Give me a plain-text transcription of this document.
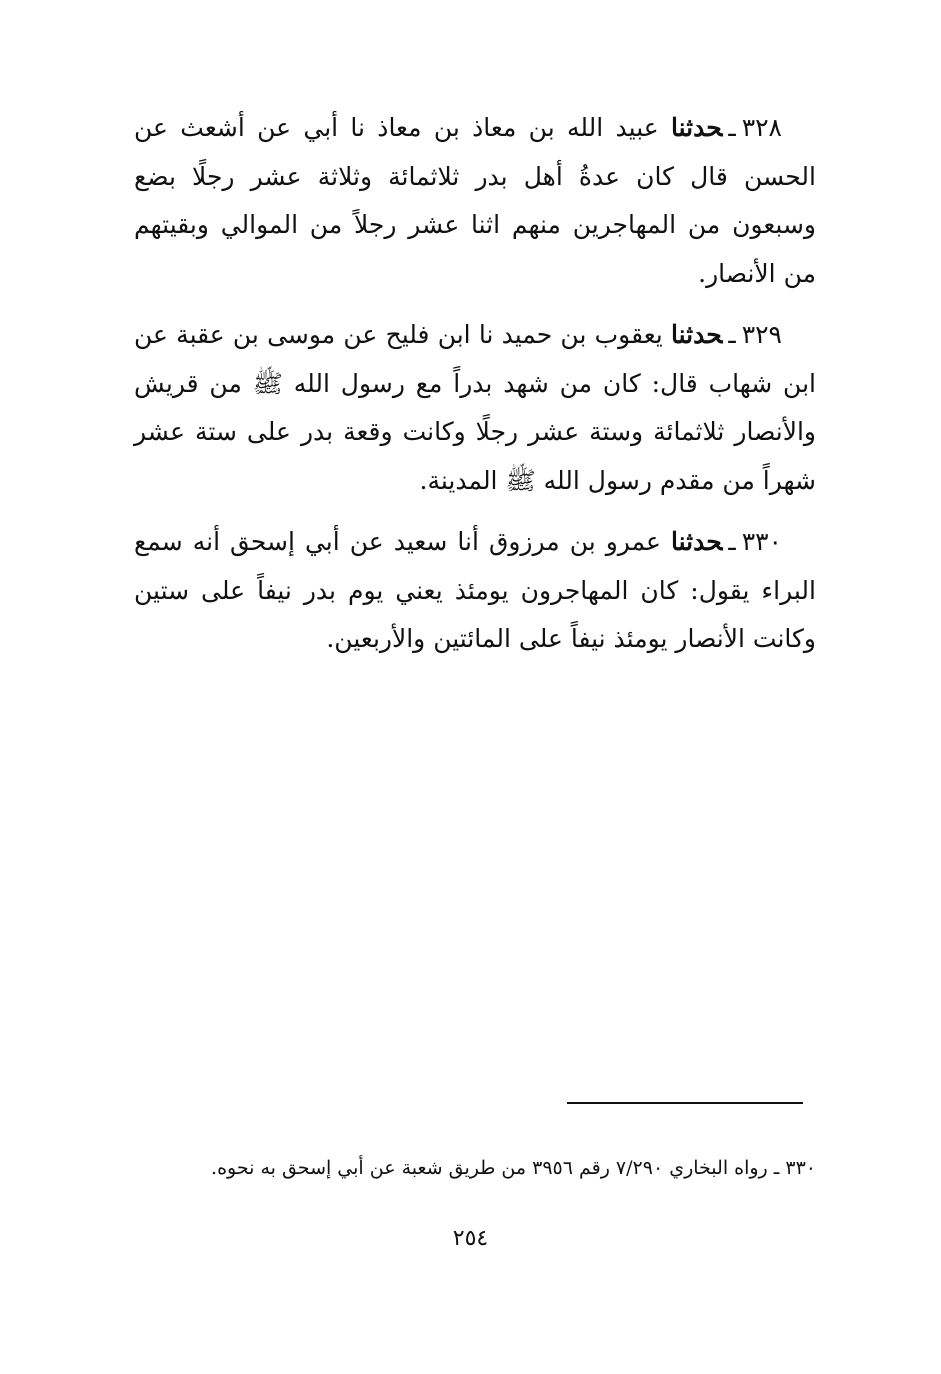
٣٢٨ـحدثنا عبيد الله بن معاذ بن معاذ نا أبي عن أشعث عن الحسن قال كان عدةُ أهل بدر ثلاثمائة وثلاثة عشر رجلًا بضع وسبعون من المهاجرين منهم اثنا عشر رجلاً من الموالي وبقيتهم من الأنصار.

٣٢٩ـحدثنا يعقوب بن حميد نا ابن فليح عن موسى بن عقبة عن ابن شهاب قال: كان من شهد بدراً مع رسول الله ﷺ من قريش والأنصار ثلاثمائة وستة عشر رجلًا وكانت وقعة بدر على ستة عشر شهراً من مقدم رسول الله ﷺ المدينة.

٣٣٠ـحدثنا عمرو بن مرزوق أنا سعيد عن أبي إسحق أنه سمع البراء يقول: كان المهاجرون يومئذ يعني يوم بدر نيفاً على ستين وكانت الأنصار يومئذ نيفاً على المائتين والأربعين.

٣٣٠ ـ رواه البخاري ٧/٢٩٠ رقم ٣٩٥٦ من طريق شعبة عن أبي إسحق به نحوه.
٢٥٤
